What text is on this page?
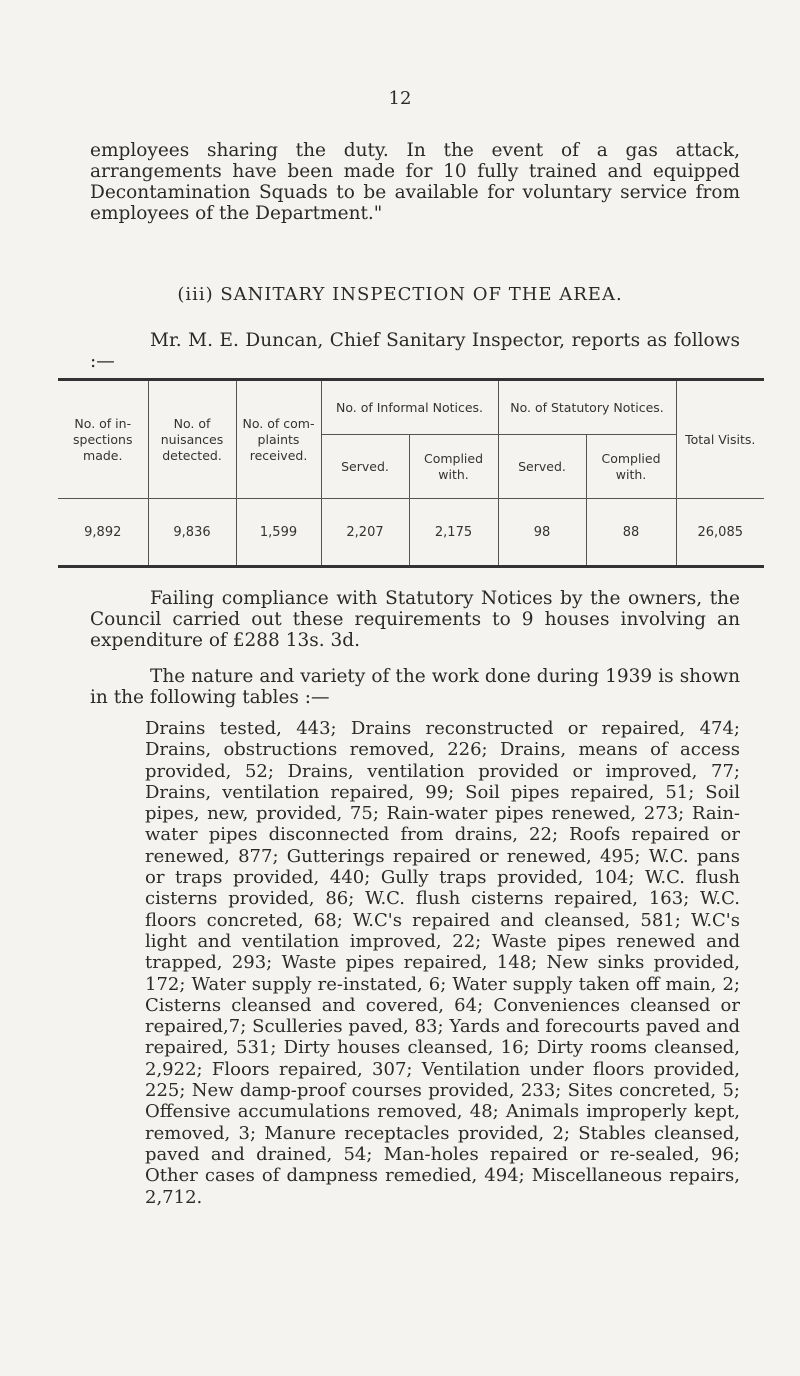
12

employees sharing the duty. In the event of a gas attack, arrangements have been made for 10 fully trained and equipped Decontamination Squads to be available for voluntary service from employees of the Department."

(iii) SANITARY INSPECTION OF THE AREA.

Mr. M. E. Duncan, Chief Sanitary Inspector, reports as follows :—

No. of in-spections made.	No. of nuisances detected.	No. of com-plaints received.	No. of Informal Notices.		No. of Statutory Notices.		Total Visits.
			Served.	Complied with.	Served.	Complied with.	
9,892	9,836	1,599	2,207	2,175	98	88	26,085

Failing compliance with Statutory Notices by the owners, the Council carried out these requirements to 9 houses involving an expenditure of £288 13s. 3d.

The nature and variety of the work done during 1939 is shown in the following tables :—

Drains tested, 443; Drains reconstructed or repaired, 474; Drains, obstructions removed, 226; Drains, means of access provided, 52; Drains, ventilation provided or improved, 77; Drains, ventilation repaired, 99; Soil pipes repaired, 51; Soil pipes, new, provided, 75; Rain-water pipes renewed, 273; Rain-water pipes disconnected from drains, 22; Roofs repaired or renewed, 877; Gutterings repaired or renewed, 495; W.C. pans or traps provided, 440; Gully traps provided, 104; W.C. flush cisterns provided, 86; W.C. flush cisterns repaired, 163; W.C. floors concreted, 68; W.C's repaired and cleansed, 581; W.C's light and ventilation improved, 22; Waste pipes renewed and trapped, 293; Waste pipes repaired, 148; New sinks provided, 172; Water supply re-instated, 6; Water supply taken off main, 2; Cisterns cleansed and covered, 64; Conveniences cleansed or repaired,7; Sculleries paved, 83; Yards and forecourts paved and repaired, 531; Dirty houses cleansed, 16; Dirty rooms cleansed, 2,922; Floors repaired, 307; Ventilation under floors provided, 225; New damp-proof courses provided, 233; Sites concreted, 5; Offensive accumulations removed, 48; Animals improperly kept, removed, 3; Manure receptacles provided, 2; Stables cleansed, paved and drained, 54; Man-holes repaired or re-sealed, 96; Other cases of dampness remedied, 494; Miscellaneous repairs, 2,712.
